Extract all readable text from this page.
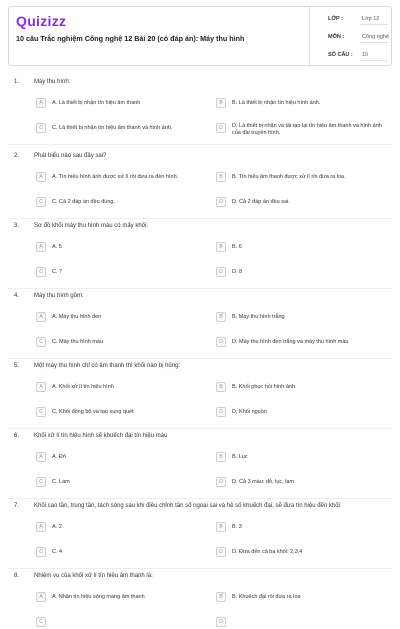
Quizizz
10 câu Trắc nghiệm Công nghệ 12 Bài 20 (có đáp án): Máy thu hình
LỚP :	Lớp 12
MÔN :	Công nghệ
SỐ CÂU : 10
1. Máy thu hình:
A	A. Là thiết bị nhận tín hiệu âm thanh	B	B. Là thiết bị nhận tín hiệu hình ảnh.
C	C. Là thiết bị nhận tín hiệu âm thanh và hình ảnh.	D	D. Là thiết bị nhận và tái tạo lại tín hiệu âm thanh và hình ảnh của đài truyền hình.
2. Phát biểu nào sau đây sai?
A	A. Tín hiệu hình ảnh được xử lí rồi đưa ra đèn hình.	B	B. Tín hiệu âm thanh được xử lí rồi đưa ra loa.
C	C. Cả 2 đáp án đều đúng.	D	D. Cả 2 đáp án đều sai.
3. Sơ đồ khối máy thu hình màu có mấy khối:
A	A. 5	B	B. 6
C	C. 7	D	D. 8
4. Máy thu hình gồm:
A	A. Máy thu hình đen	B	B. Máy thu hình trắng
C	C. Máy thu hình màu	D	D. Máy thu hình đen trắng và máy thu hình màu
5. Một máy thu hình chỉ có âm thanh thì khối nào bị hỏng:
A	A. Khối xử lí tín hiệu hình	B	B. Khối phục hồi hình ảnh
C	C. Khối đồng bộ và tạo xung quét	D	D. Khối nguồn
6. Khối xử lí tín hiệu hình sẽ khuếch đại tín hiệu màu
A	A. Đỏ	B	B. Lục
C	C. Lam	D	D. Cả 3 màu: đỏ, lục, lam
7. Khối cao tần, trung tần, tách sóng sau khi điều chỉnh tần số ngoại sai và hệ số khuếch đại, sẽ đưa tín hiệu đến khối:
A	A. 2	B	B. 3
C	C. 4	D	D. Đưa đến cả ba khối: 2,3,4
8. Nhiệm vụ của khối xử lí tín hiệu âm thanh là:
A	A. Nhận tín hiệu sóng mang âm thanh	B	B. Khuếch đại rồi đưa ra loa
C	D
